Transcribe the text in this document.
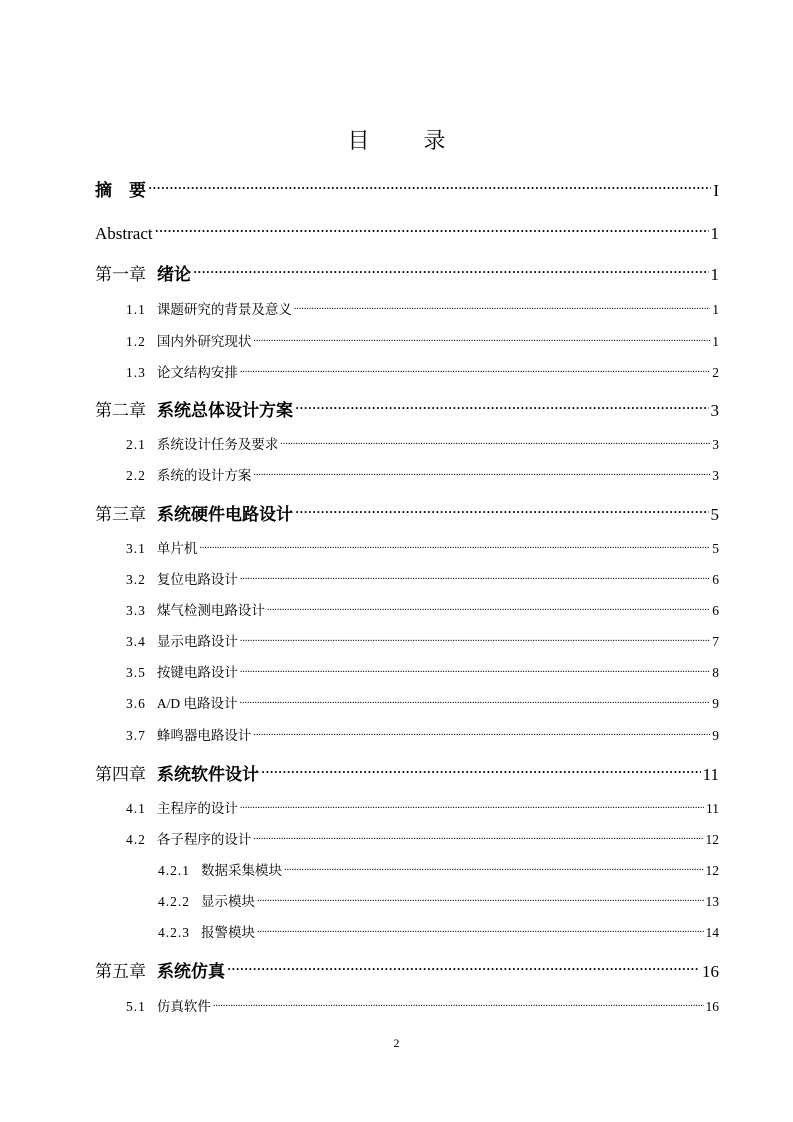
目　录
摘　要 .....	I
Abstract .....	1
第一章 绪论 .....	1
1.1 课题研究的背景及意义 .....	1
1.2 国内外研究现状 .....	1
1.3 论文结构安排 .....	2
第二章 系统总体设计方案 .....	3
2.1 系统设计任务及要求 .....	3
2.2 系统的设计方案 .....	3
第三章 系统硬件电路设计 .....	5
3.1 单片机 .....	5
3.2 复位电路设计 .....	6
3.3 煤气检测电路设计 .....	6
3.4 显示电路设计 .....	7
3.5 按键电路设计 .....	8
3.6 A/D 电路设计 .....	9
3.7 蜂鸣器电路设计 .....	9
第四章 系统软件设计 .....	11
4.1 主程序的设计 .....	11
4.2 各子程序的设计 .....	12
4.2.1 数据采集模块 .....	12
4.2.2 显示模块 .....	13
4.2.3 报警模块 .....	14
第五章 系统仿真 .....	16
5.1 仿真软件 .....	16
2
